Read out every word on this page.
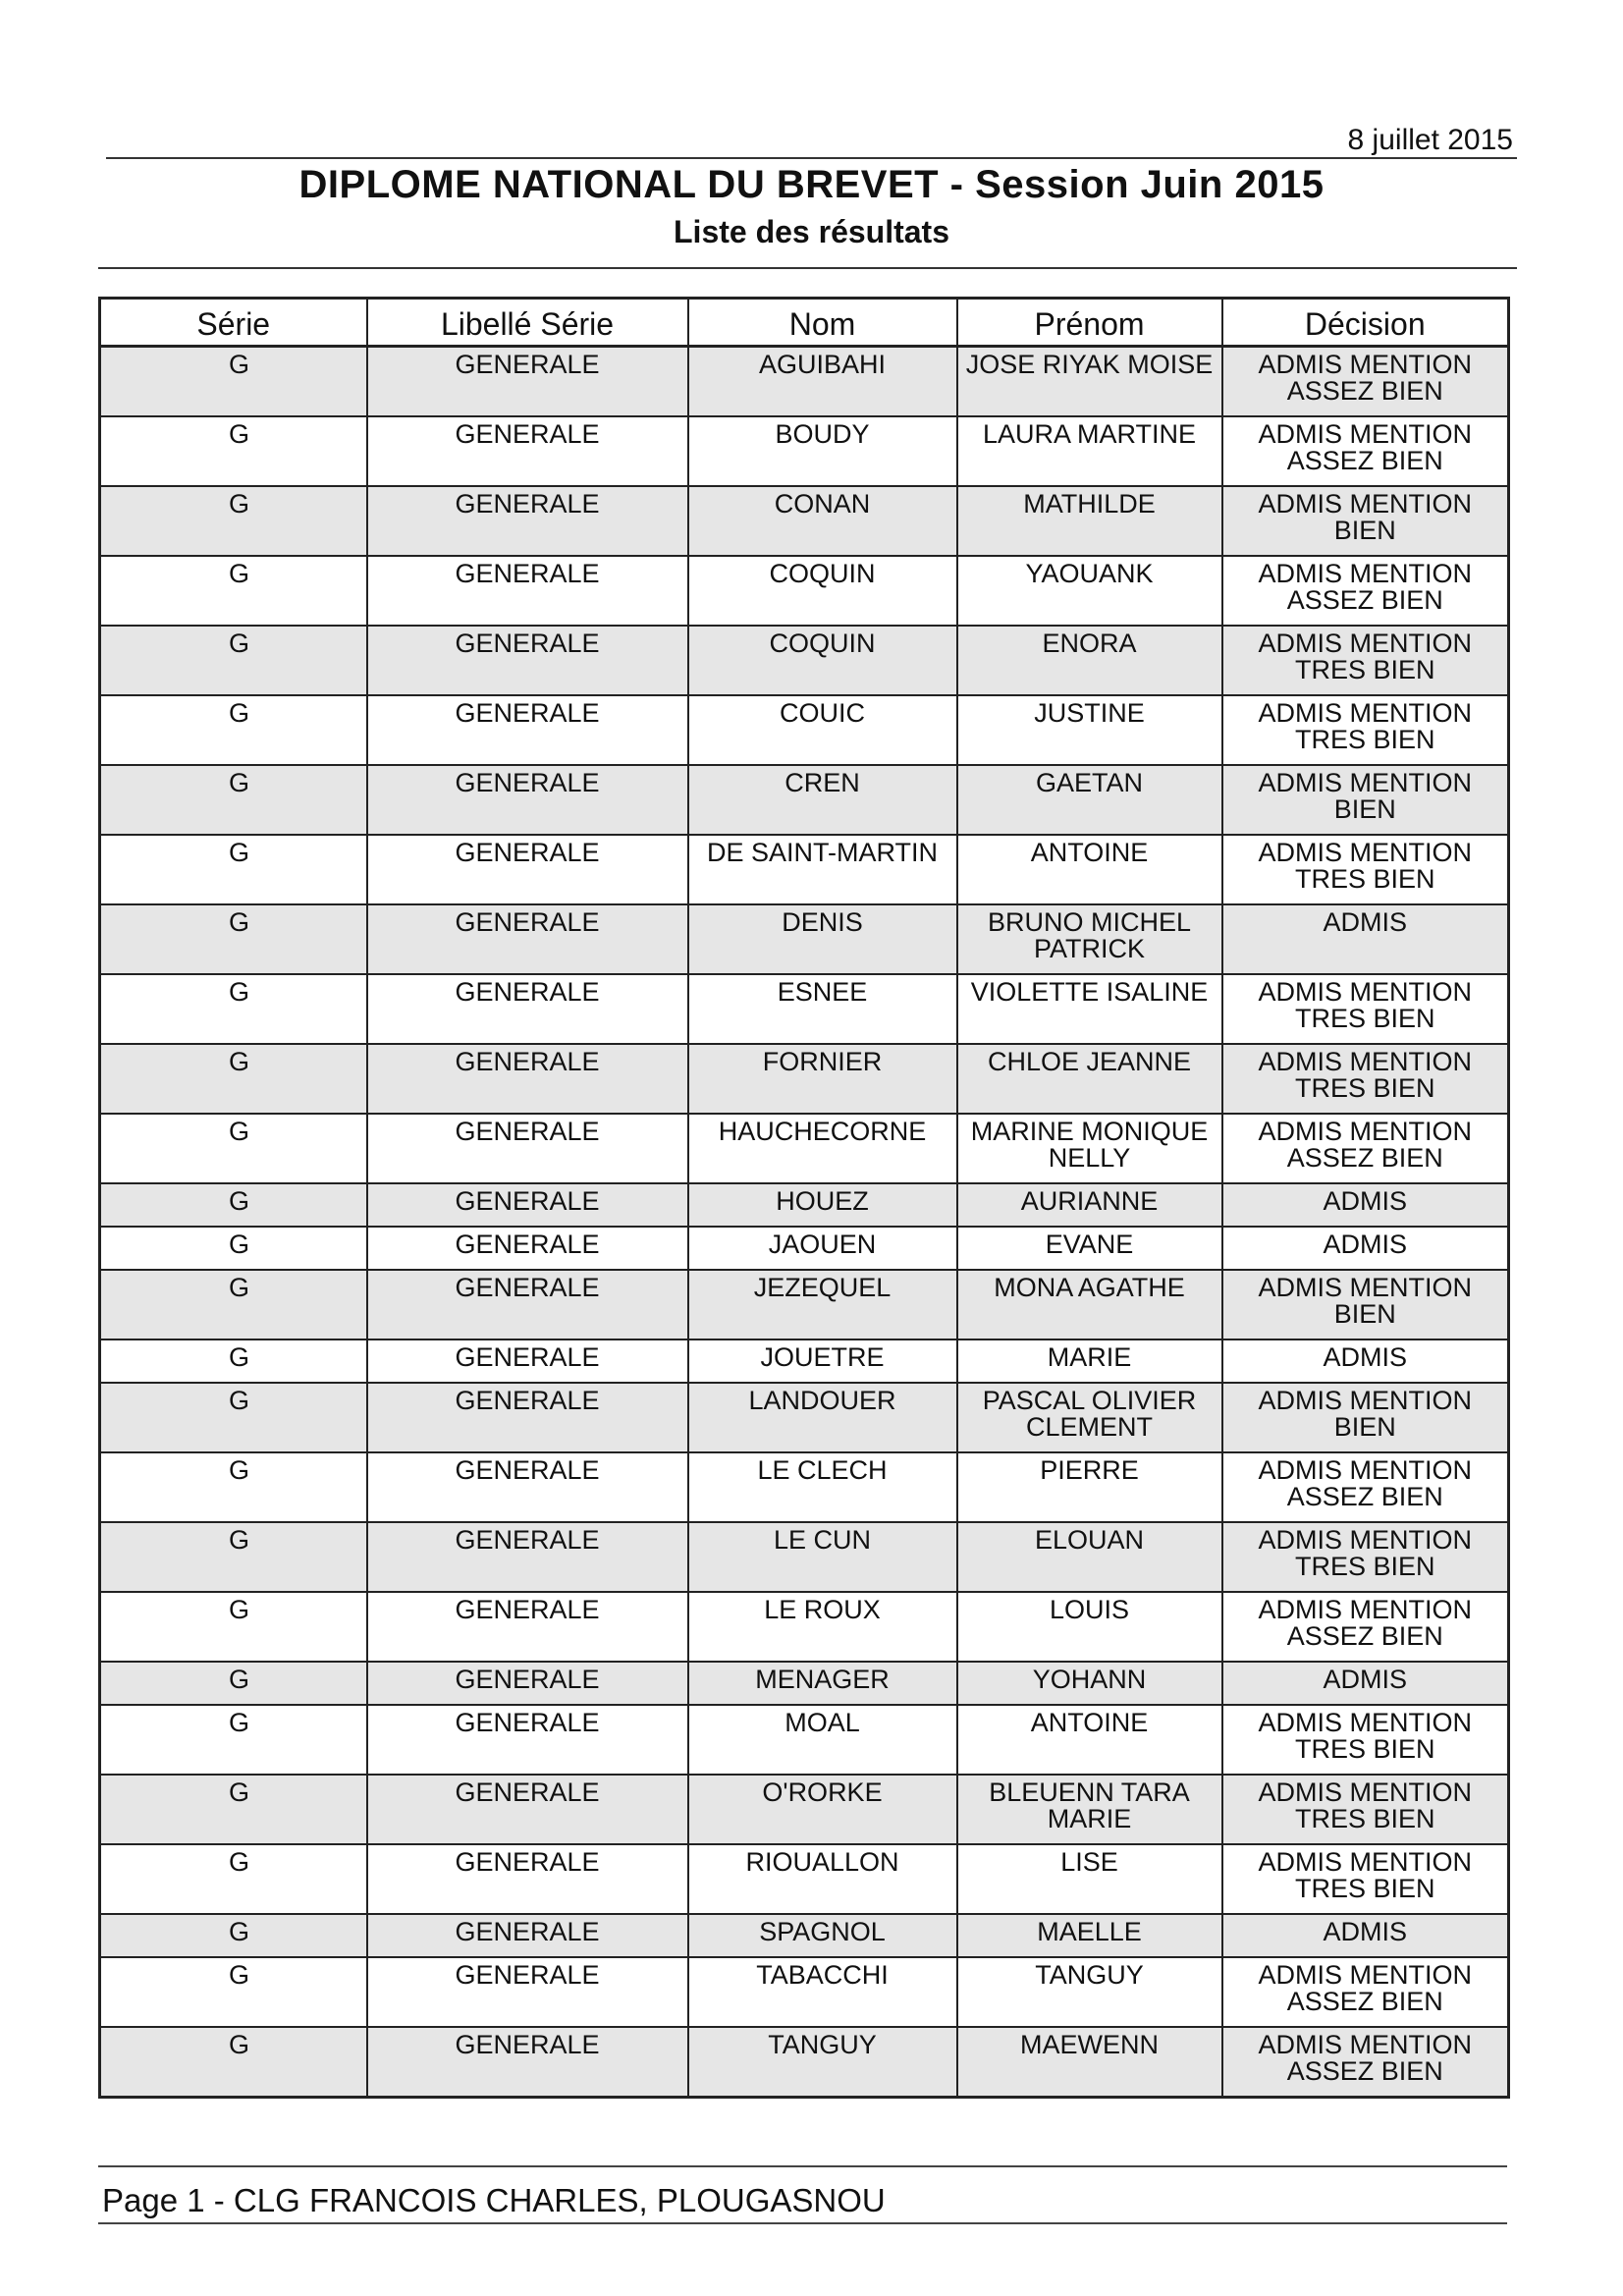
8 juillet 2015
DIPLOME NATIONAL DU BREVET - Session Juin 2015
Liste des résultats
Série	Libellé Série	Nom	Prénom	Décision
G	GENERALE	AGUIBAHI	JOSE RIYAK MOISE	ADMIS MENTION ASSEZ BIEN
G	GENERALE	BOUDY	LAURA MARTINE	ADMIS MENTION ASSEZ BIEN
G	GENERALE	CONAN	MATHILDE	ADMIS MENTION BIEN
G	GENERALE	COQUIN	YAOUANK	ADMIS MENTION ASSEZ BIEN
G	GENERALE	COQUIN	ENORA	ADMIS MENTION TRES BIEN
G	GENERALE	COUIC	JUSTINE	ADMIS MENTION TRES BIEN
G	GENERALE	CREN	GAETAN	ADMIS MENTION BIEN
G	GENERALE	DE SAINT-MARTIN	ANTOINE	ADMIS MENTION TRES BIEN
G	GENERALE	DENIS	BRUNO MICHEL PATRICK	ADMIS
G	GENERALE	ESNEE	VIOLETTE ISALINE	ADMIS MENTION TRES BIEN
G	GENERALE	FORNIER	CHLOE JEANNE	ADMIS MENTION TRES BIEN
G	GENERALE	HAUCHECORNE	MARINE MONIQUE NELLY	ADMIS MENTION ASSEZ BIEN
G	GENERALE	HOUEZ	AURIANNE	ADMIS
G	GENERALE	JAOUEN	EVANE	ADMIS
G	GENERALE	JEZEQUEL	MONA AGATHE	ADMIS MENTION BIEN
G	GENERALE	JOUETRE	MARIE	ADMIS
G	GENERALE	LANDOUER	PASCAL OLIVIER CLEMENT	ADMIS MENTION BIEN
G	GENERALE	LE CLECH	PIERRE	ADMIS MENTION ASSEZ BIEN
G	GENERALE	LE CUN	ELOUAN	ADMIS MENTION TRES BIEN
G	GENERALE	LE ROUX	LOUIS	ADMIS MENTION ASSEZ BIEN
G	GENERALE	MENAGER	YOHANN	ADMIS
G	GENERALE	MOAL	ANTOINE	ADMIS MENTION TRES BIEN
G	GENERALE	O'RORKE	BLEUENN TARA MARIE	ADMIS MENTION TRES BIEN
G	GENERALE	RIOUALLON	LISE	ADMIS MENTION TRES BIEN
G	GENERALE	SPAGNOL	MAELLE	ADMIS
G	GENERALE	TABACCHI	TANGUY	ADMIS MENTION ASSEZ BIEN
G	GENERALE	TANGUY	MAEWENN	ADMIS MENTION ASSEZ BIEN
Page 1 - CLG FRANCOIS CHARLES, PLOUGASNOU
